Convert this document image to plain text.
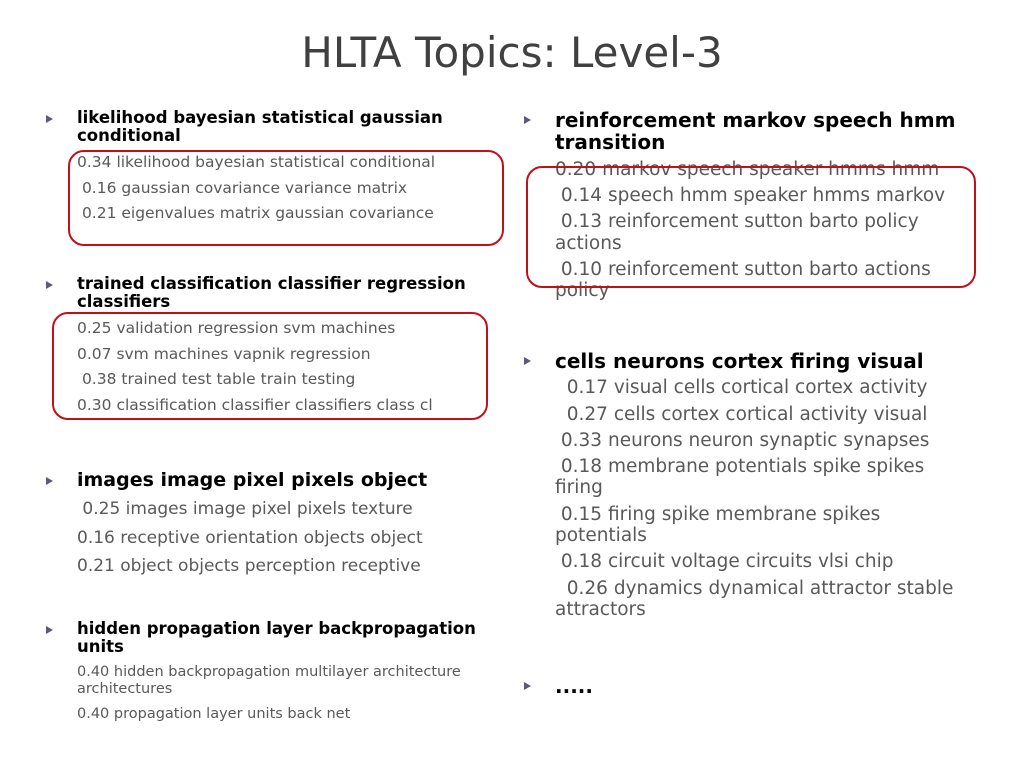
HLTA Topics: Level-3
likelihood bayesian statistical gaussian conditional
0.34 likelihood bayesian statistical conditional
0.16 gaussian covariance variance matrix
0.21 eigenvalues matrix gaussian covariance
trained classification classifier regression classifiers
0.25 validation regression svm machines
0.07 svm machines vapnik regression
0.38 trained test table train testing
0.30 classification classifier classifiers class cl
images image pixel pixels object
0.25 images image pixel pixels texture
0.16 receptive orientation objects object
0.21 object objects perception receptive
hidden propagation layer backpropagation units
0.40 hidden backpropagation multilayer architecture architectures
0.40 propagation layer units back net
reinforcement markov speech hmm transition
0.20 markov speech speaker hmms hmm
0.14 speech hmm speaker hmms markov
0.13 reinforcement sutton barto policy actions
0.10 reinforcement sutton barto actions policy
cells neurons cortex firing visual
0.17 visual cells cortical cortex activity
0.27 cells cortex cortical activity visual
0.33 neurons neuron synaptic synapses
0.18 membrane potentials spike spikes firing
0.15 firing spike membrane spikes potentials
0.18 circuit voltage circuits vlsi chip
0.26 dynamics dynamical attractor stable attractors
.....
